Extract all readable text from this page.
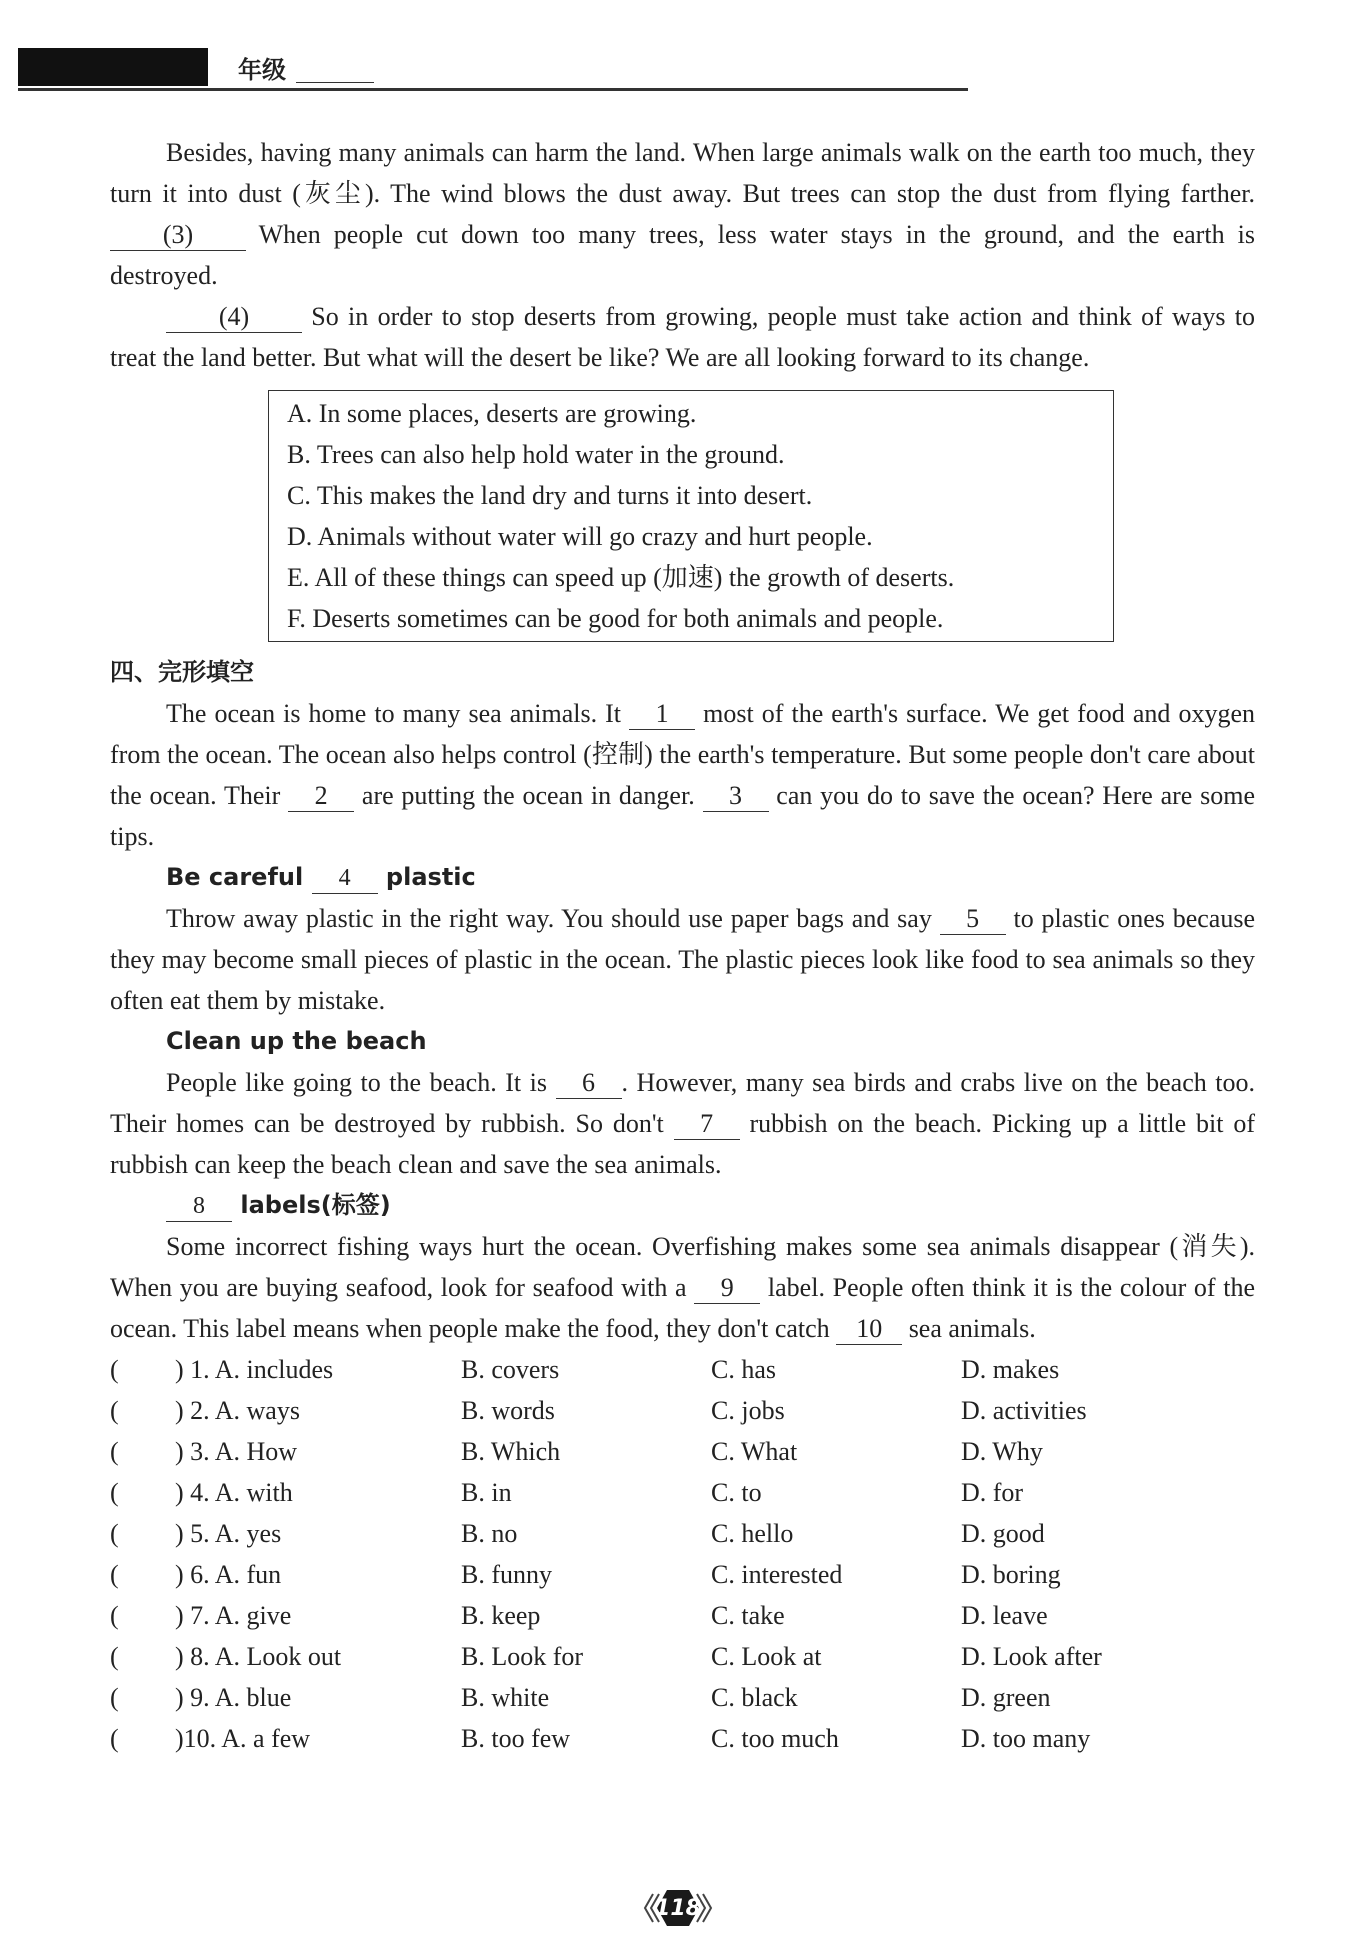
年级

Besides, having many animals can harm the land. When large animals walk on the earth too much, they turn it into dust (灰尘). The wind blows the dust away. But trees can stop the dust from flying farther. (3) When people cut down too many trees, less water stays in the ground, and the earth is destroyed.

(4) So in order to stop deserts from growing, people must take action and think of ways to treat the land better. But what will the desert be like? We are all looking forward to its change.

A. In some places, deserts are growing.
B. Trees can also help hold water in the ground.
C. This makes the land dry and turns it into desert.
D. Animals without water will go crazy and hurt people.
E. All of these things can speed up (加速) the growth of deserts.
F. Deserts sometimes can be good for both animals and people.
四、完形填空

The ocean is home to many sea animals. It 1 most of the earth's surface. We get food and oxygen from the ocean. The ocean also helps control (控制) the earth's temperature. But some people don't care about the ocean. Their 2 are putting the ocean in danger. 3 can you do to save the ocean? Here are some tips.

Be careful 4 plastic

Throw away plastic in the right way. You should use paper bags and say 5 to plastic ones because they may become small pieces of plastic in the ocean. The plastic pieces look like food to sea animals so they often eat them by mistake.

Clean up the beach

People like going to the beach. It is 6 . However, many sea birds and crabs live on the beach too. Their homes can be destroyed by rubbish. So don't 7 rubbish on the beach. Picking up a little bit of rubbish can keep the beach clean and save the sea animals.

8 labels(标签)

Some incorrect fishing ways hurt the ocean. Overfishing makes some sea animals disappear (消失). When you are buying seafood, look for seafood with a 9 label. People often think it is the colour of the ocean. This label means when people make the food, they don't catch 10 sea animals.

(	) 1. A. includes	B. covers	C. has	D. makes
(	) 2. A. ways	B. words	C. jobs	D. activities
(	) 3. A. How	B. Which	C. What	D. Why
(	) 4. A. with	B. in	C. to	D. for
(	) 5. A. yes	B. no	C. hello	D. good
(	) 6. A. fun	B. funny	C. interested	D. boring
(	) 7. A. give	B. keep	C. take	D. leave
(	) 8. A. Look out	B. Look for	C. Look at	D. Look after
(	) 9. A. blue	B. white	C. black	D. green
(	)10. A. a few	B. too few	C. too much	D. too many
118
